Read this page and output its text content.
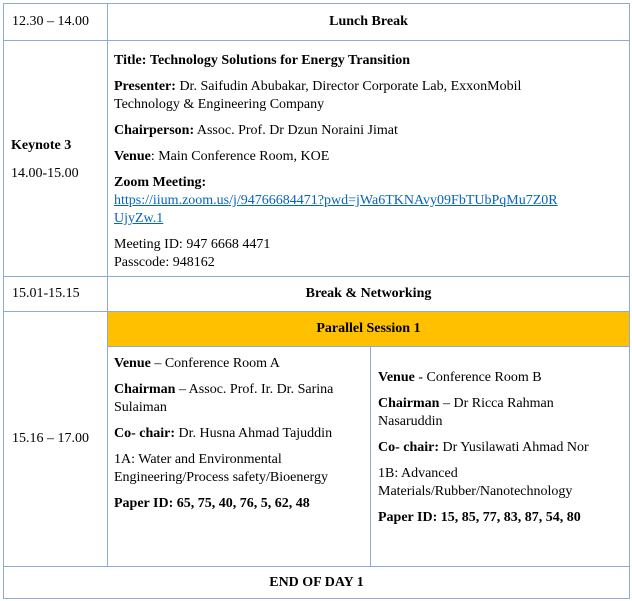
12.30 – 14.00	Lunch Break
Keynote 3
14.00-15.00

Title: Technology Solutions for Energy Transition

Presenter: Dr. Saifudin Abubakar, Director Corporate Lab, ExxonMobil

Technology & Engineering Company

Chairperson: Assoc. Prof. Dr Dzun Noraini Jimat

Venue: Main Conference Room, KOE

Zoom Meeting:

https://iium.zoom.us/j/94766684471?pwd=jWa6TKNAvy09FbTUbPqMu7Z0R

UjyZw.1

Meeting ID: 947 6668 4471

Passcode: 948162

15.01-15.15	Break & Networking
15.16 – 17.00
Parallel Session 1

Venue – Conference Room A

Chairman – Assoc. Prof. Ir. Dr. Sarina

Sulaiman

Co- chair: Dr. Husna Ahmad Tajuddin

1A: Water and Environmental

Engineering/Process safety/Bioenergy

Paper ID: 65, 75, 40, 76, 5, 62, 48

Venue - Conference Room B

Chairman – Dr Ricca Rahman

Nasaruddin

Co- chair: Dr Yusilawati Ahmad Nor

1B: Advanced

Materials/Rubber/Nanotechnology

Paper ID: 15, 85, 77, 83, 87, 54, 80

END OF DAY 1
